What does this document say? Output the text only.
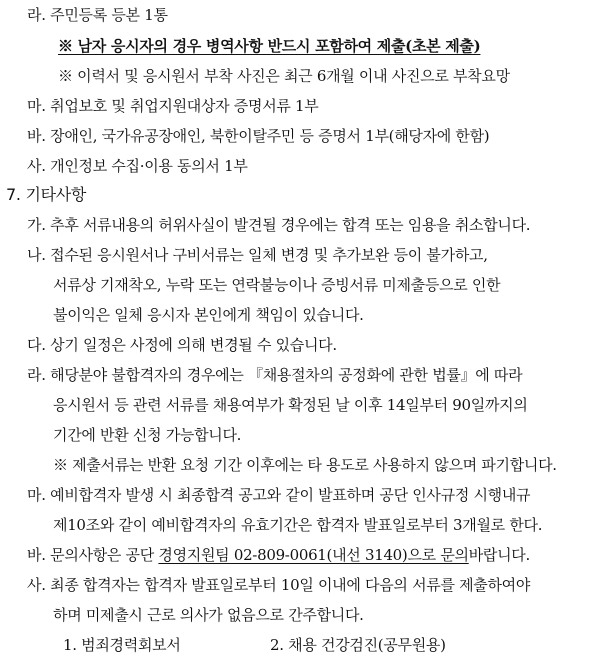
라. 주민등록 등본 1통
※ 남자 응시자의 경우 병역사항 반드시 포함하여 제출(초본 제출)
※ 이력서 및 응시원서 부착 사진은 최근 6개월 이내 사진으로 부착요망
마. 취업보호 및 취업지원대상자 증명서류 1부
바. 장애인, 국가유공장애인, 북한이탈주민 등 증명서 1부(해당자에 한함)
사. 개인정보 수집·이용 동의서 1부
7. 기타사항
가. 추후 서류내용의 허위사실이 발견될 경우에는 합격 또는 임용을 취소합니다.
나. 접수된 응시원서나 구비서류는 일체 변경 및 추가보완 등이 불가하고,
서류상 기재착오, 누락 또는 연락불능이나 증빙서류 미제출등으로 인한
불이익은 일체 응시자 본인에게 책임이 있습니다.
다. 상기 일정은 사정에 의해 변경될 수 있습니다.
라. 해당분야 불합격자의 경우에는 『채용절차의 공정화에 관한 법률』에 따라
응시원서 등 관련 서류를 채용여부가 확정된 날 이후 14일부터 90일까지의
기간에 반환 신청 가능합니다.
※ 제출서류는 반환 요청 기간 이후에는 타 용도로 사용하지 않으며 파기합니다.
마. 예비합격자 발생 시 최종합격 공고와 같이 발표하며 공단 인사규정 시행내규
제10조와 같이 예비합격자의 유효기간은 합격자 발표일로부터 3개월로 한다.
바. 문의사항은 공단 경영지원팀 02-809-0061(내선 3140)으로 문의바랍니다.
사. 최종 합격자는 합격자 발표일로부터 10일 이내에 다음의 서류를 제출하여야
하며 미제출시 근로 의사가 없음으로 간주합니다.
1. 범죄경력회보서	2. 채용 건강검진(공무원용)
